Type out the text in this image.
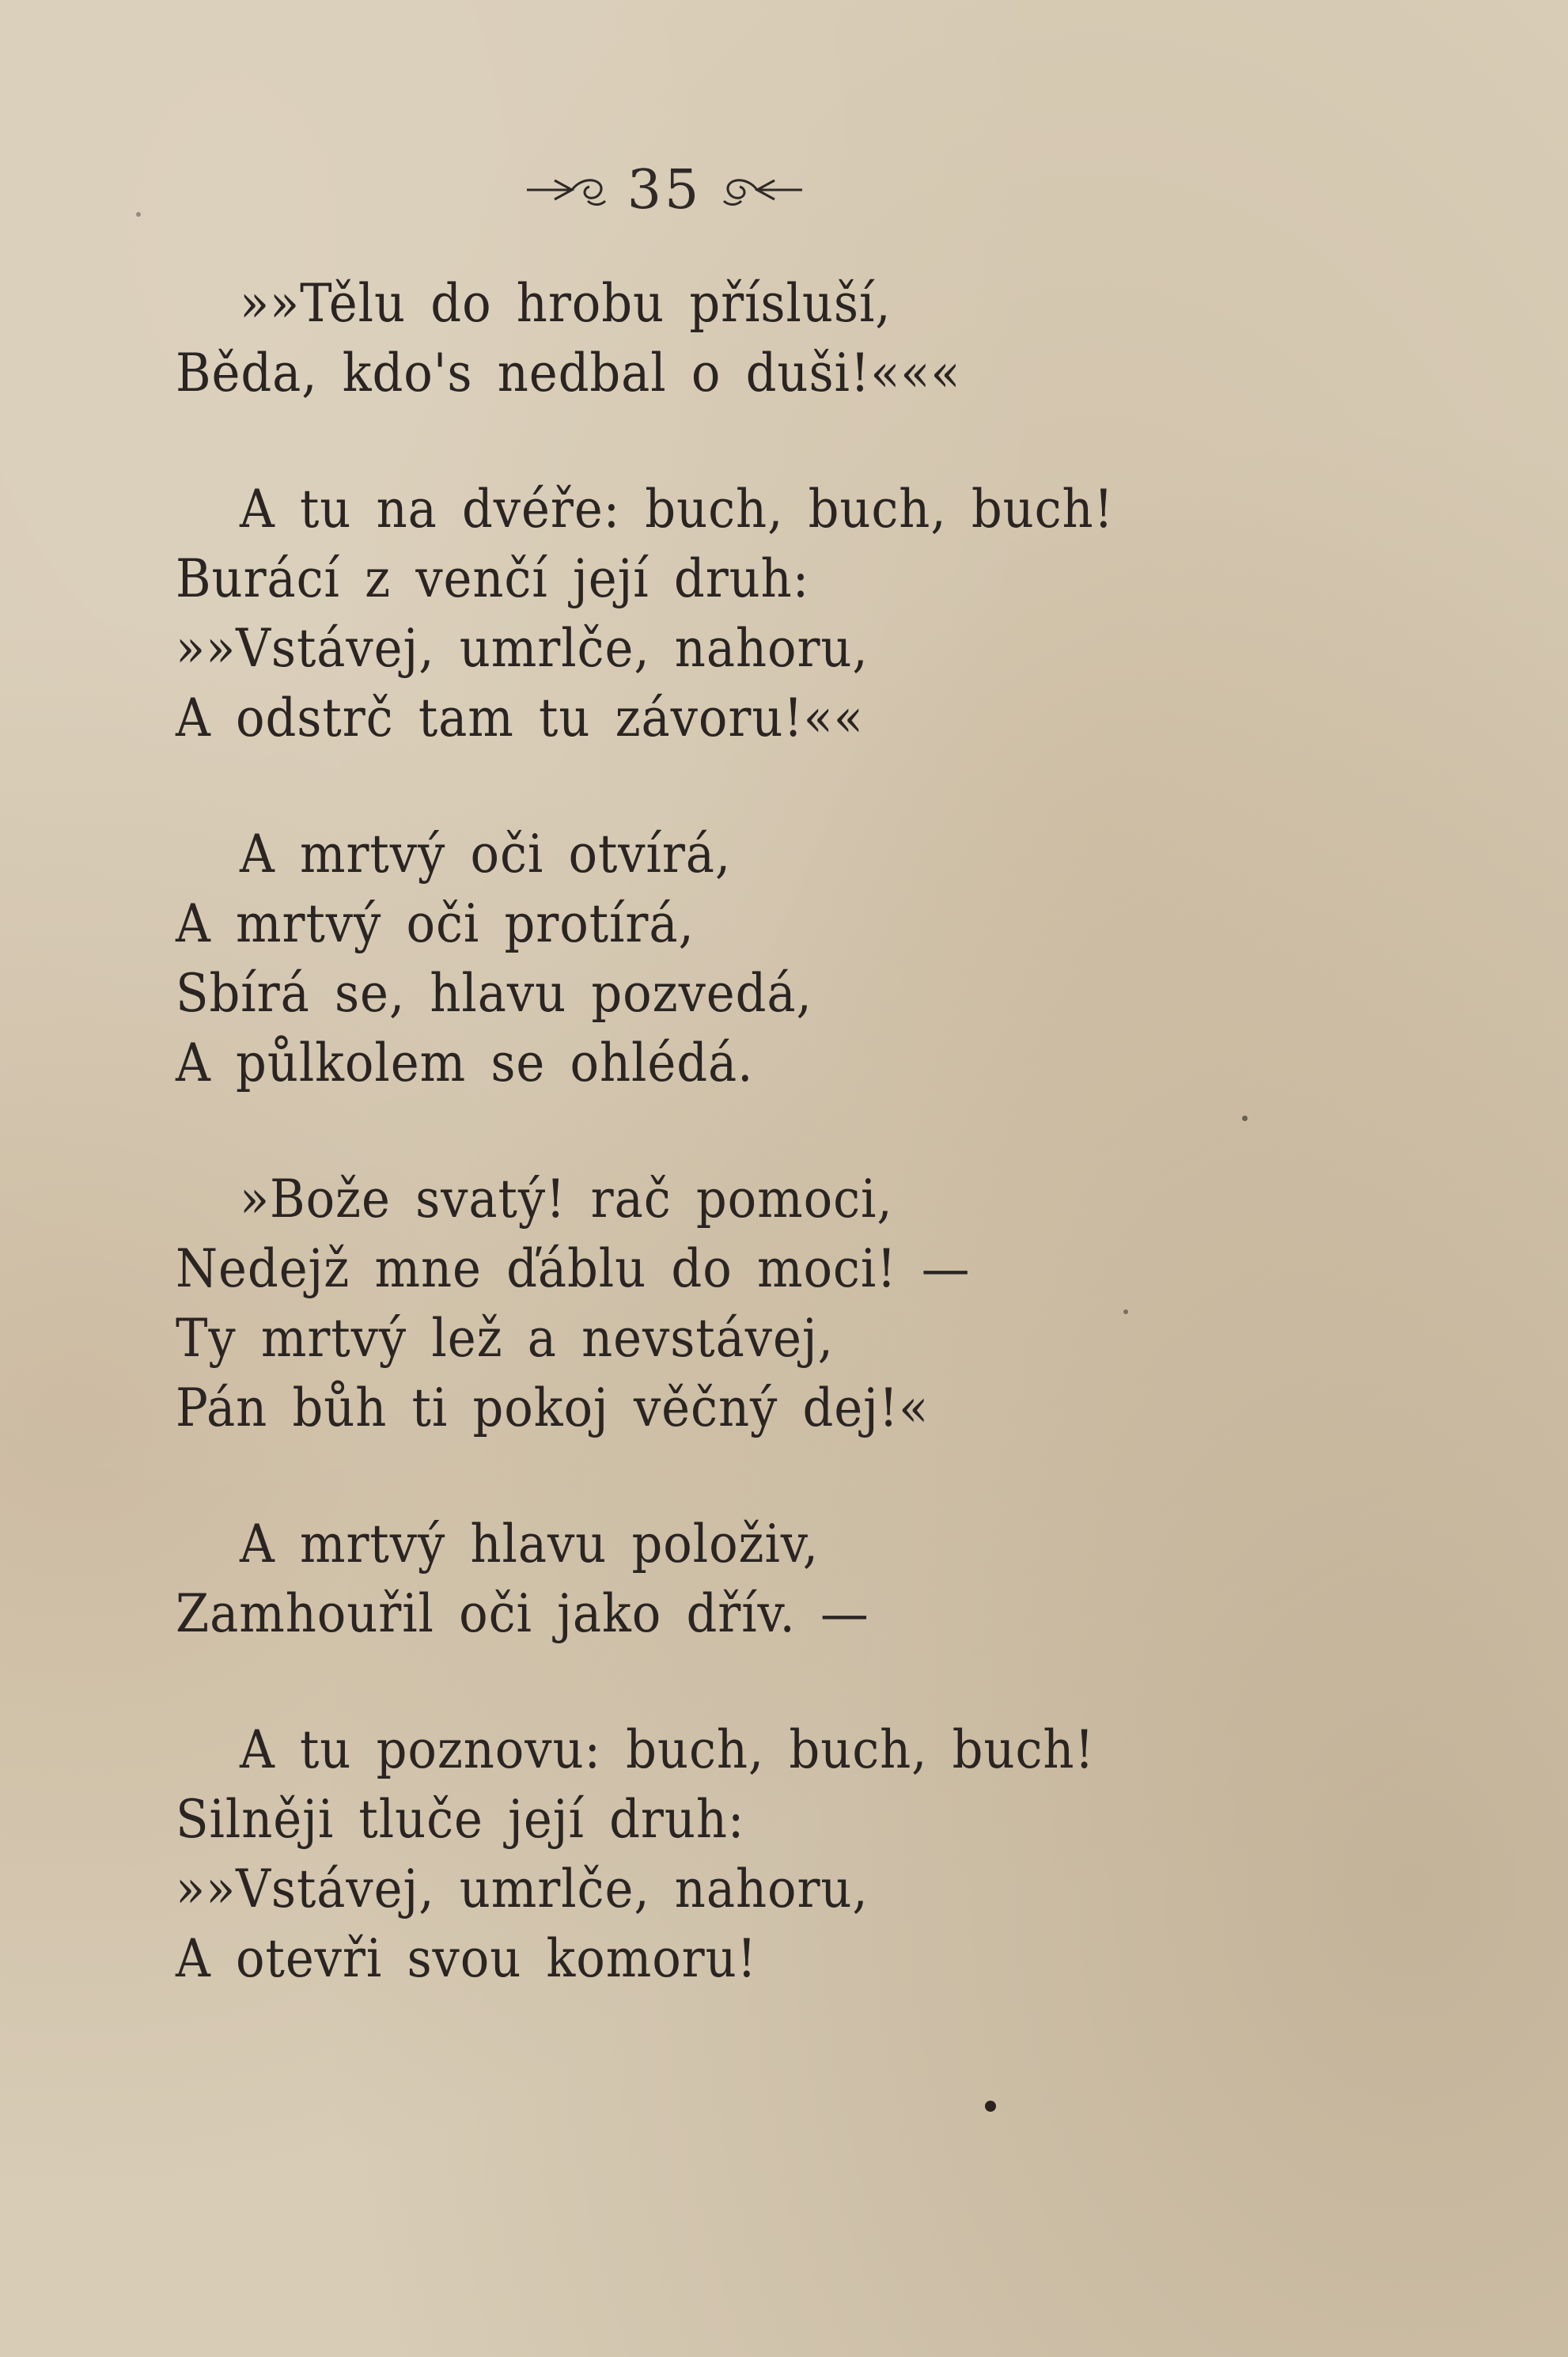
35
»»Tělu do hrobu přísluší,
Běda, kdo's nedbal o duši!«««
A tu na dvéře: buch, buch, buch!
Burácí z venčí její druh:
»»Vstávej, umrlče, nahoru,
A odstrč tam tu závoru!««
A mrtvý oči otvírá,
A mrtvý oči protírá,
Sbírá se, hlavu pozvedá,
A půlkolem se ohlédá.
»Bože svatý! rač pomoci,
Nedejž mne ďáblu do moci! —
Ty mrtvý lež a nevstávej,
Pán bůh ti pokoj věčný dej!«
A mrtvý hlavu položiv,
Zamhouřil oči jako dřív. —
A tu poznovu: buch, buch, buch!
Silněji tluče její druh:
»»Vstávej, umrlče, nahoru,
A otevři svou komoru!
